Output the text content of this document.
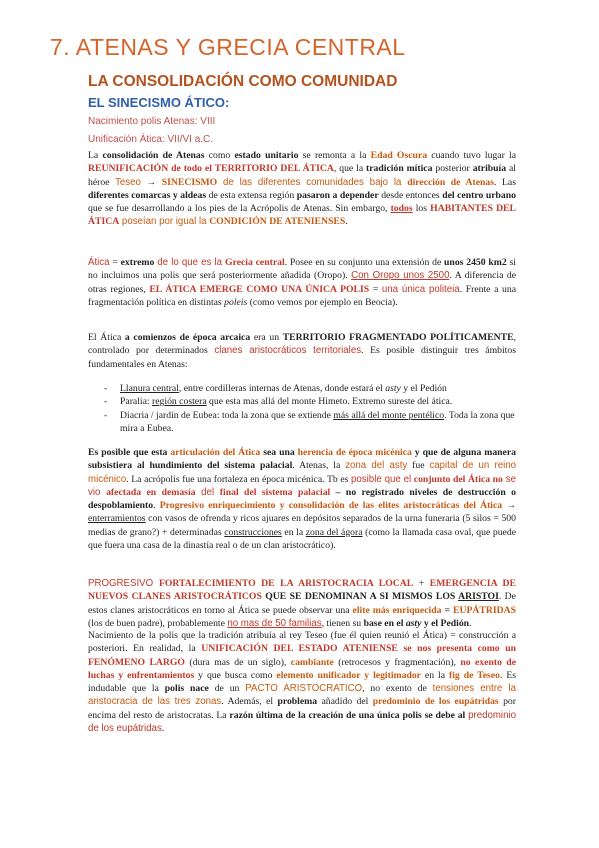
7. ATENAS Y GRECIA CENTRAL
LA CONSOLIDACIÓN COMO COMUNIDAD
EL SINECISMO ÁTICO:

Nacimiento polis Atenas: VIII

Unificación Ática: VII/VI a.C.

La consolidación de Atenas como estado unitario se remonta a la Edad Oscura cuando tuvo lugar la REUNIFICACIÓN de todo el TERRITORIO DEL ÁTICA, que la tradición mítica posterior atribuía al héroe Teseo → SINECISMO de las diferentes comunidades bajo la dirección de Atenas. Las diferentes comarcas y aldeas de esta extensa región pasaron a depender desde entonces del centro urbano que se fue desarrollando a los pies de la Acrópolis de Atenas. Sin embargo, todos los HABITANTES DEL ÁTICA poseían por igual la CONDICIÓN DE ATENIENSES.

Ática = extremo de lo que es la Grecia central. Posee en su conjunto una extensión de unos 2450 km2 si no incluimos una polis que será posteriormente añadida (Oropo). Con Oropo unos 2500. A diferencia de otras regiones, EL ÁTICA EMERGE COMO UNA ÚNICA POLIS = una única politeia. Frente a una fragmentación política en distintas poleis (como vemos por ejemplo en Beocia).

El Ática a comienzos de época arcaica era un TERRITORIO FRAGMENTADO POLÍTICAMENTE, controlado por determinados clanes aristocráticos territoriales. Es posible distinguir tres ámbitos fundamentales en Atenas:

- Llanura central, entre cordilleras internas de Atenas, donde estará el asty y el Pedión
- Paralía: región costera que esta mas allá del monte Himeto. Extremo sureste del ática.
- Diacria / jardín de Eubea: toda la zona que se extiende más allá del monte pentélico. Toda la zona que mira a Eubea.

Es posible que esta articulación del Ática sea una herencia de época micénica y que de alguna manera subsistiera al hundimiento del sistema palacial. Atenas, la zona del asty fue capital de un reino micénico. La acrópolis fue una fortaleza en época micénica. Tb es posible que el conjunto del Ática no se vio afectada en demasía del final del sistema palacial – no registrado niveles de destrucción o despoblamiento. Progresivo enriquecimiento y consolidación de las elites aristocráticas del Ática → enterramientos con vasos de ofrenda y ricos ajuares en depósitos separados de la urna funeraria (5 silos = 500 medias de grano?) + determinadas construcciones en la zona del ágora (como la llamada casa oval, que puede que fuera una casa de la dinastía real o de un clan aristocrático).

PROGRESIVO FORTALECIMIENTO DE LA ARISTOCRACIA LOCAL + EMERGENCIA DE NUEVOS CLANES ARISTOCRÁTICOS QUE SE DENOMINAN A SI MISMOS LOS ARISTOI. De estos clanes aristocráticos en torno al Ática se puede observar una elite más enriquecida = EUPÁTRIDAS (los de buen padre), probablemente no mas de 50 familias, tienen su base en el asty y el Pedión.

Nacimiento de la polis que la tradición atribuía al rey Teseo (fue él quien reunió el Ática) = construcción a posteriori. En realidad, la UNIFICACIÓN DEL ESTADO ATENIENSE se nos presenta como un FENÓMENO LARGO (dura mas de un siglo), cambiante (retrocesos y fragmentación), no exento de luchas y enfrentamientos y que busca como elemento unificador y legitimador en la fig de Teseo. Es indudable que la polis nace de un PACTO ARISTOCRATICO, no exento de tensiones entre la aristocracia de las tres zonas. Además, el problema añadido del predominio de los eupátridas por encima del resto de aristocratas. La razón última de la creación de una única polis se debe al predominio de los eupátridas.
